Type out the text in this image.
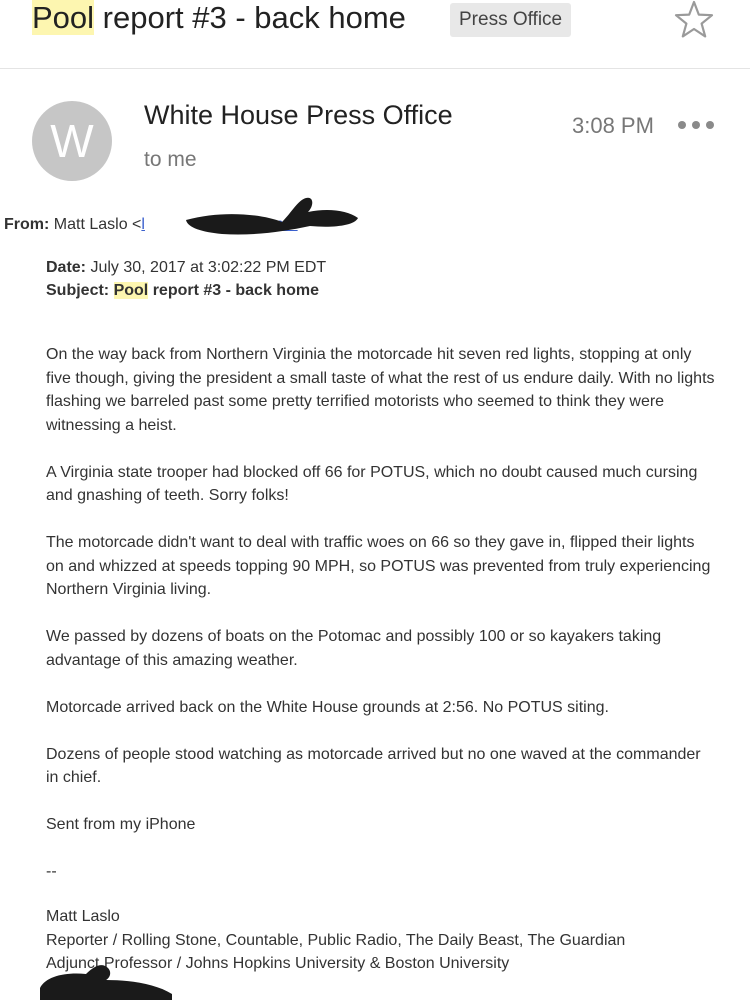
Pool report #3 - back home	Press Office
W	White House Press Office
to me
3:08 PM
From: Matt Laslo <l
Date: July 30, 2017 at 3:02:22 PM EDT
Subject: Pool report #3 - back home

On the way back from Northern Virginia the motorcade hit seven red lights, stopping at only five though, giving the president a small taste of what the rest of us endure daily. With no lights flashing we barreled past some pretty terrified motorists who seemed to think they were witnessing a heist.

A Virginia state trooper had blocked off 66 for POTUS, which no doubt caused much cursing and gnashing of teeth. Sorry folks!

The motorcade didn't want to deal with traffic woes on 66 so they gave in, flipped their lights on and whizzed at speeds topping 90 MPH, so POTUS was prevented from truly experiencing Northern Virginia living.

We passed by dozens of boats on the Potomac and possibly 100 or so kayakers taking advantage of this amazing weather.

Motorcade arrived back on the White House grounds at 2:56. No POTUS siting.

Dozens of people stood watching as motorcade arrived but no one waved at the commander in chief.

Sent from my iPhone

--

Matt Laslo
Reporter / Rolling Stone, Countable, Public Radio, The Daily Beast, The Guardian
Adjunct Professor / Johns Hopkins University & Boston University
